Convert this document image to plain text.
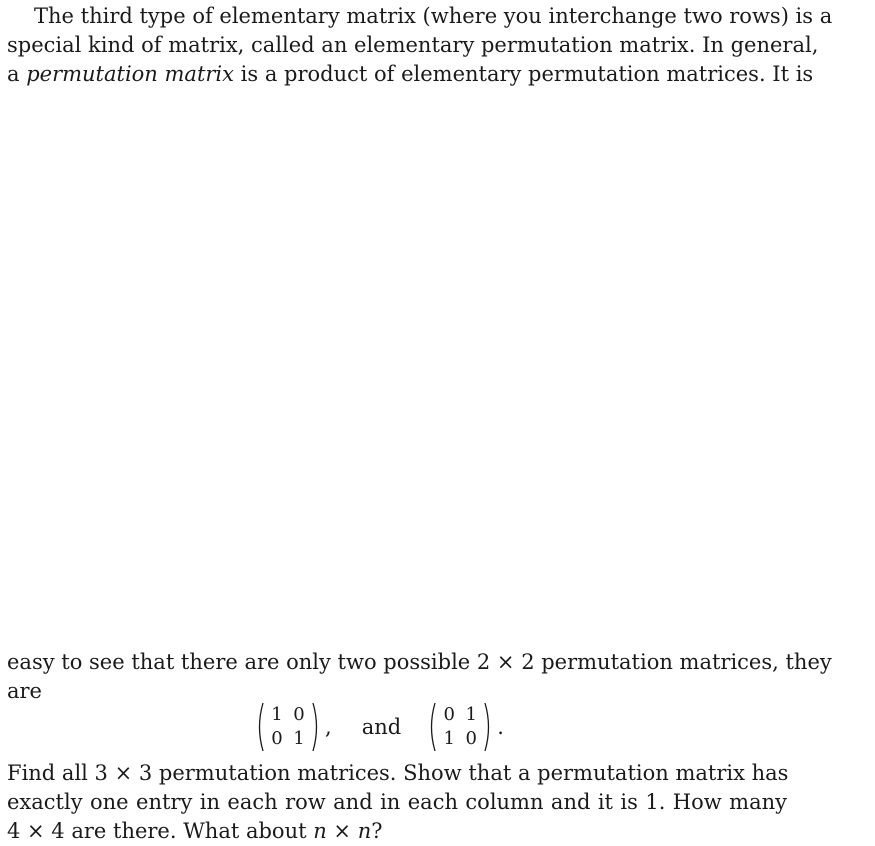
The third type of elementary matrix (where you interchange two rows) is a
special kind of matrix, called an elementary permutation matrix. In general,
a permutation matrix is a product of elementary permutation matrices. It is
easy to see that there are only two possible 2 × 2 permutation matrices, they
are
1 0
0 1 , and
0 1
1 0 .
Find all 3 × 3 permutation matrices. Show that a permutation matrix has
exactly one entry in each row and in each column and it is 1. How many
4 × 4 are there. What about n × n?
